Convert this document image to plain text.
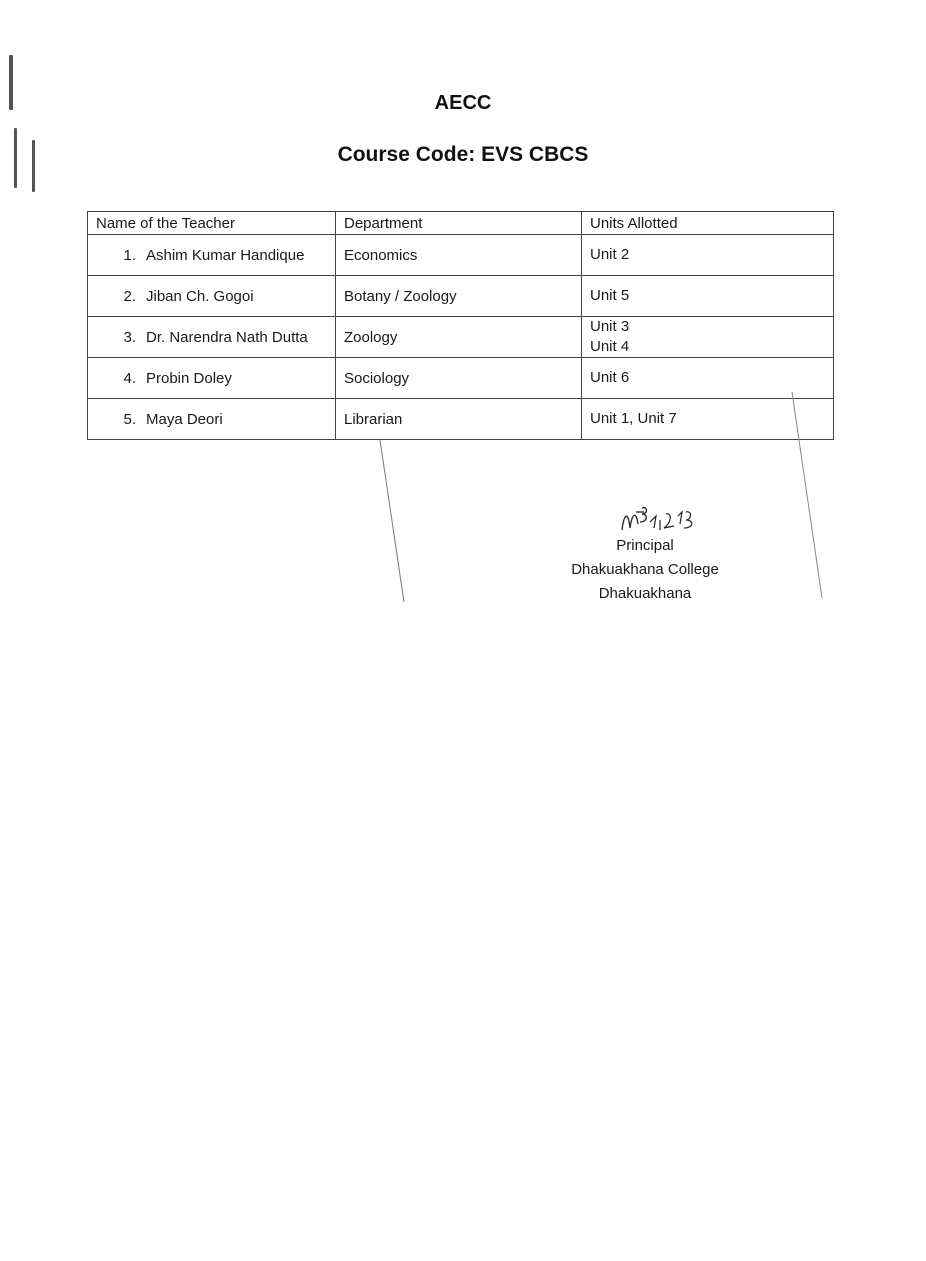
AECC
Course Code: EVS CBCS
Name of the Teacher	Department	Units Allotted
1. Ashim Kumar Handique	Economics	Unit 2

2. Jiban Ch. Gogoi	Botany / Zoology	Unit 5

3. Dr. Narendra Nath Dutta	Zoology	Unit 3
Unit 4

4. Probin Doley	Sociology	Unit 6

5. Maya Deori	Librarian	Unit 1, Unit 7
Principal
Dhakuakhana College
Dhakuakhana
